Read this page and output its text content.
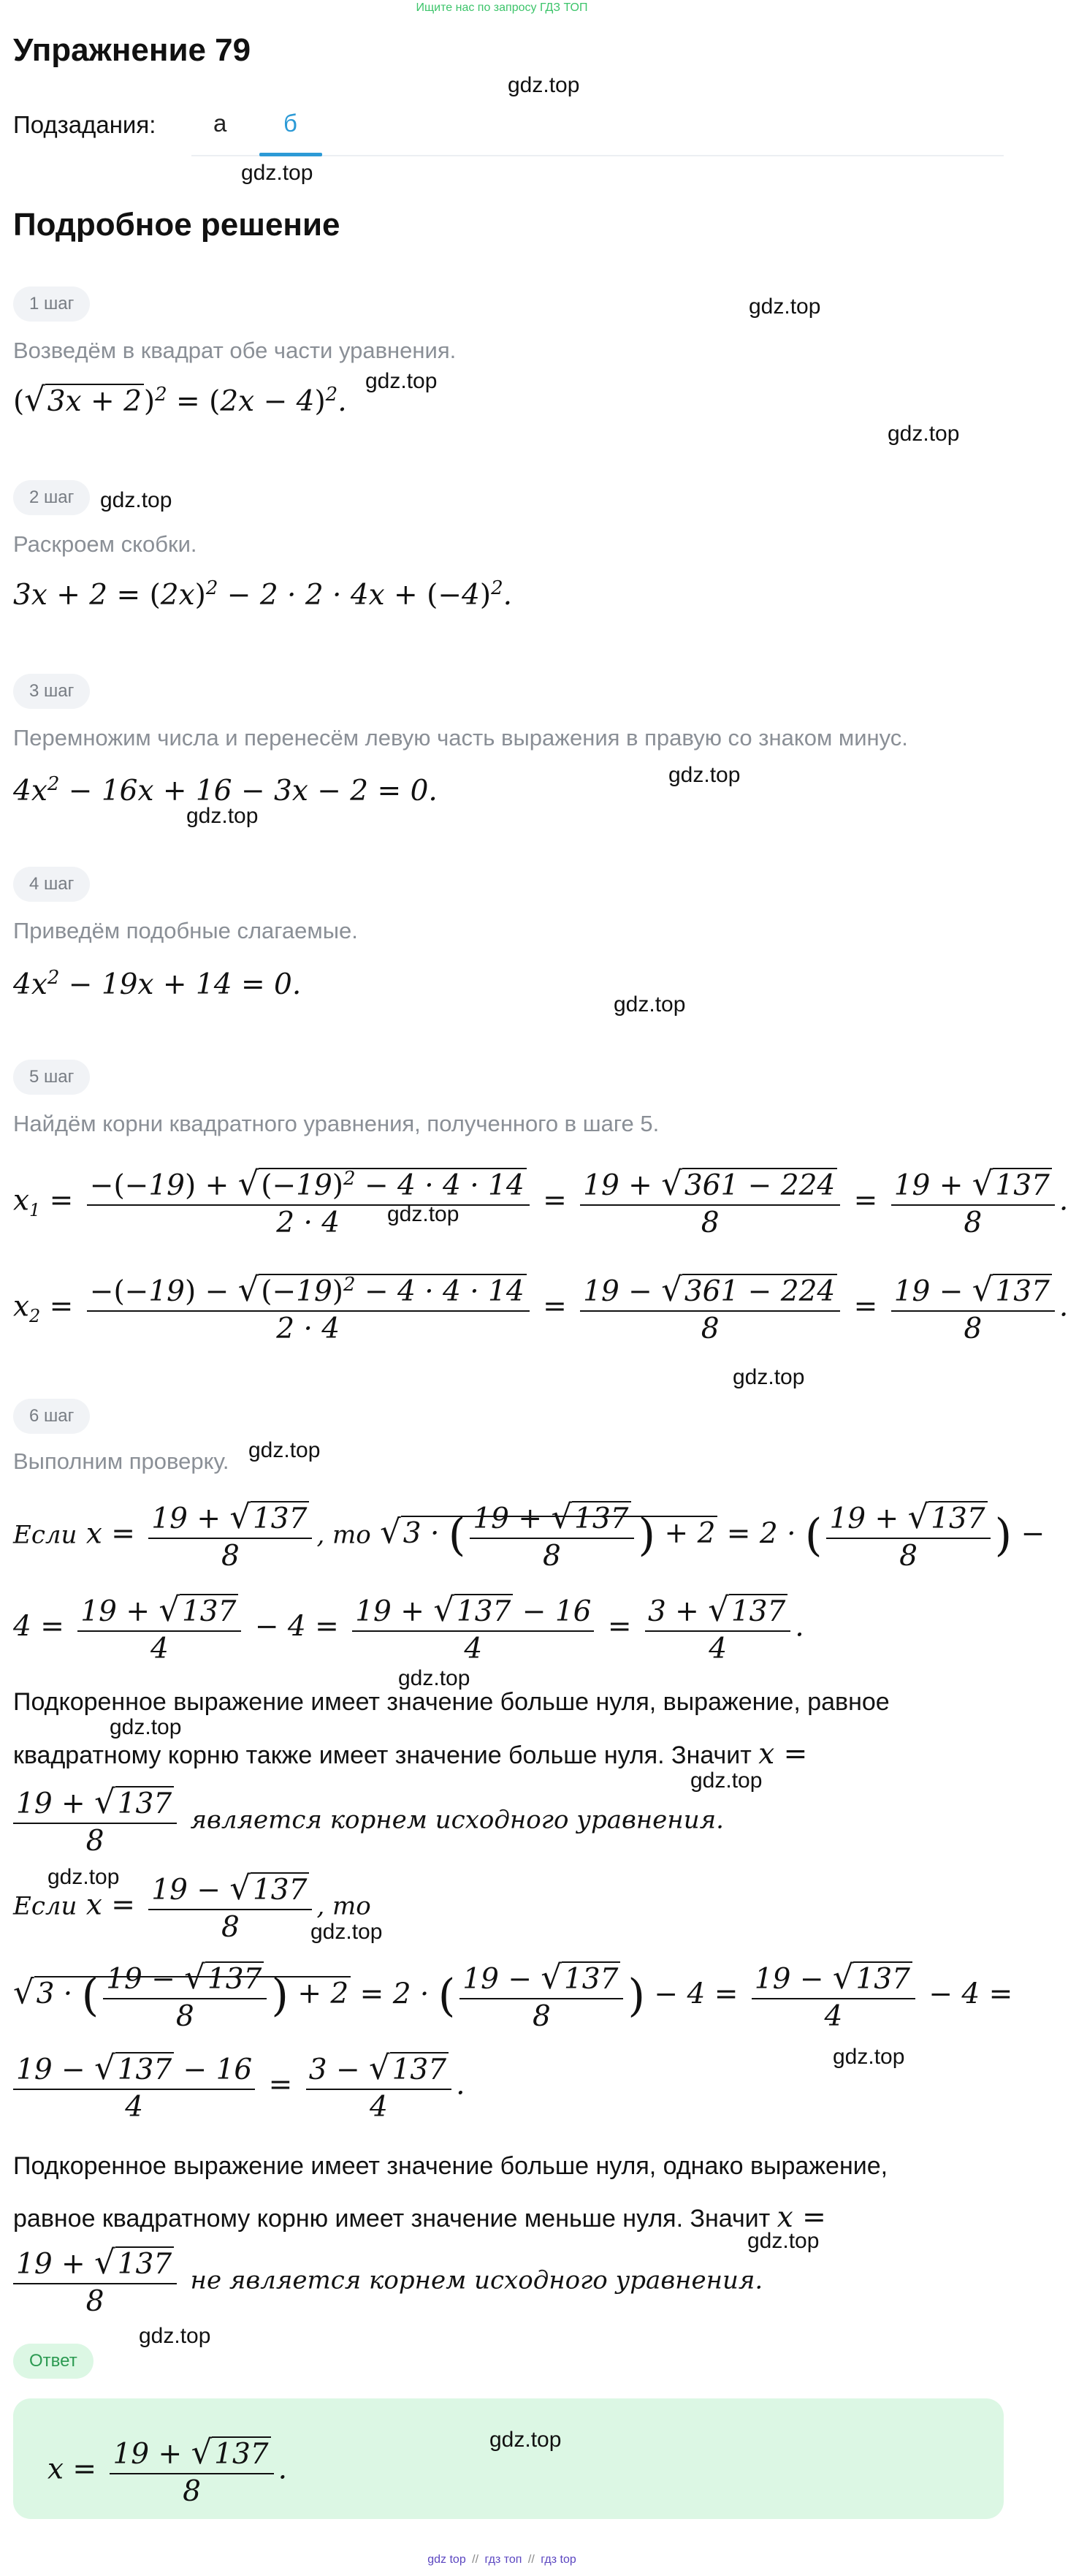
Ищите нас по запросу ГДЗ ТОП
Упражнение 79
gdz.top
Подзадания: а б
gdz.top
Подробное решение
1 шаг	gdz.top
Возведём в квадрат обе части уравнения.
$(√3x + 2)^2 = (2x - 4)^2$.
gdz.top
gdz.top
2 шаг	gdz.top
Раскроем скобки.
$3x + 2 = (2x)^2 - 2 \cdot 2 \cdot 4x + (-4)^2$.
3 шаг
Перемножим числа и перенесём левую часть выражения в правую со знаком минус.
$4x^2 - 16x + 16 - 3x - 2 = 0$.	gdz.top
gdz.top
4 шаг
Приведём подобные слагаемые.
$4x^2 - 19x + 14 = 0$.
gdz.top
5 шаг
Найдём корни квадратного уравнения, полученного в шаге 5.
$x_1 = \frac{-(-19) + √(-19)^2 - 4 \cdot 4 \cdot 14}{2 \cdot 4} = \frac{19 + √361 - 224}{8} = \frac{19 + √137}{8}$ .
gdz.top
$x_2 = \frac{-(-19) - √(-19)^2 - 4 \cdot 4 \cdot 14}{2 \cdot 4} = \frac{19 - √361 - 224}{8} = \frac{19 - √137}{8}$ .
gdz.top
6 шаг
gdz.top
Выполним проверку.
Если $x = \frac{19 + √137}{8}$ , то √3 · ( $\frac{19 + √137}{8}$ ) + 2 = 2 · ( $\frac{19 + √137}{8}$ ) −
$4 = \frac{19 + √137}{4} - 4 = \frac{19 + √137 - 16}{4} = \frac{3 + √137}{4}$ .
gdz.top
Подкоренное выражение имеет значение больше нуля, выражение, равное
gdz.top
квадратному корню также имеет значение больше нуля. Значит x =
gdz.top
$\frac{19 + √137}{8}$ является корнем исходного уравнения.
gdz.top
Если $x = \frac{19 - √137}{8}$ , то
gdz.top
√3 · ( $\frac{19 - √137}{8}$ ) + 2 = 2 · ( $\frac{19 - √137}{8}$ ) − $4 = \frac{19 - √137}{4} - 4$ =
gdz.top
$\frac{19 - √137 - 16}{4} = \frac{3 - √137}{4}$ .
Подкоренное выражение имеет значение больше нуля, однако выражение,
равное квадратному корню имеет значение меньше нуля. Значит x =
gdz.top
$\frac{19 + √137}{8}$ не является корнем исходного уравнения.
gdz.top
Ответ
gdz.top
$x = \frac{19 + √137}{8}$ .
gdz top // гдз топ // гдз top
